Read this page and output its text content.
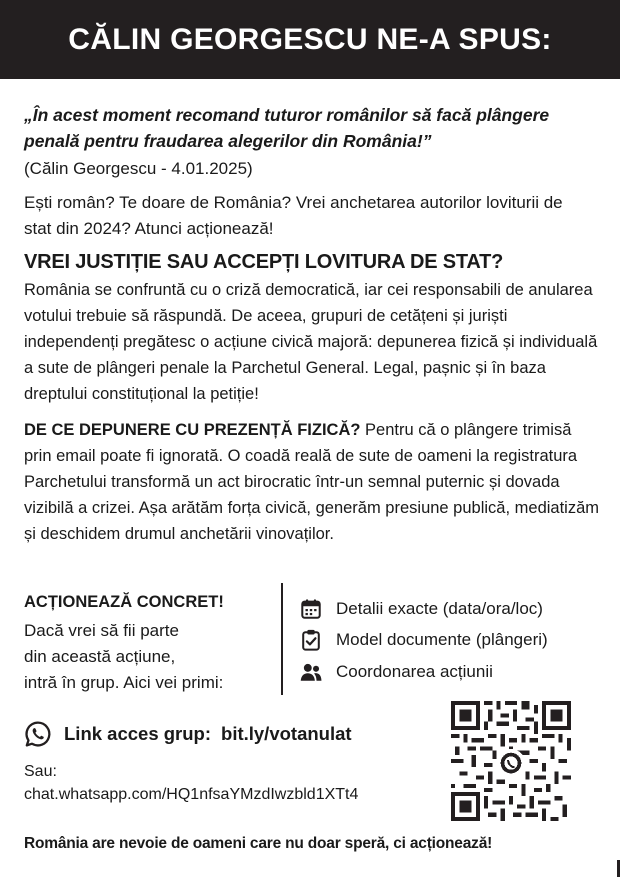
CĂLIN GEORGESCU NE-A SPUS:
„În acest moment recomand tuturor românilor să facă plângere penală pentru fraudarea alegerilor din România!”
(Călin Georgescu - 4.01.2025)
Ești român? Te doare de România? Vrei anchetarea autorilor loviturii de stat din 2024? Atunci acționează!
VREI JUSTIȚIE SAU ACCEPȚI LOVITURA DE STAT?
România se confruntă cu o criză democratică, iar cei responsabili de anularea votului trebuie să răspundă. De aceea, grupuri de cetățeni și juriști independenți pregătesc o acțiune civică majoră: depunerea fizică și individuală a sute de plângeri penale la Parchetul General. Legal, pașnic și în baza dreptului constituțional la petiție!
DE CE DEPUNERE CU PREZENȚĂ FIZICĂ? Pentru că o plângere trimisă prin email poate fi ignorată. O coadă reală de sute de oameni la registratura Parchetului transformă un act birocratic într-un semnal puternic și dovada vizibilă a crizei. Așa arătăm forța civică, generăm presiune publică, mediatizăm și deschidem drumul anchetării vinovaților.
ACȚIONEAZĂ CONCRET!
Dacă vrei să fii parte
din această acțiune,
intră în grup. Aici vei primi:
Detalii exacte (data/ora/loc)
Model documente (plângeri)
Coordonarea acțiunii
Link acces grup: bit.ly/votanulat
Sau:
chat.whatsapp.com/HQ1nfsaYMzdIwzbld1XTt4
România are nevoie de oameni care nu doar speră, ci acționează!
